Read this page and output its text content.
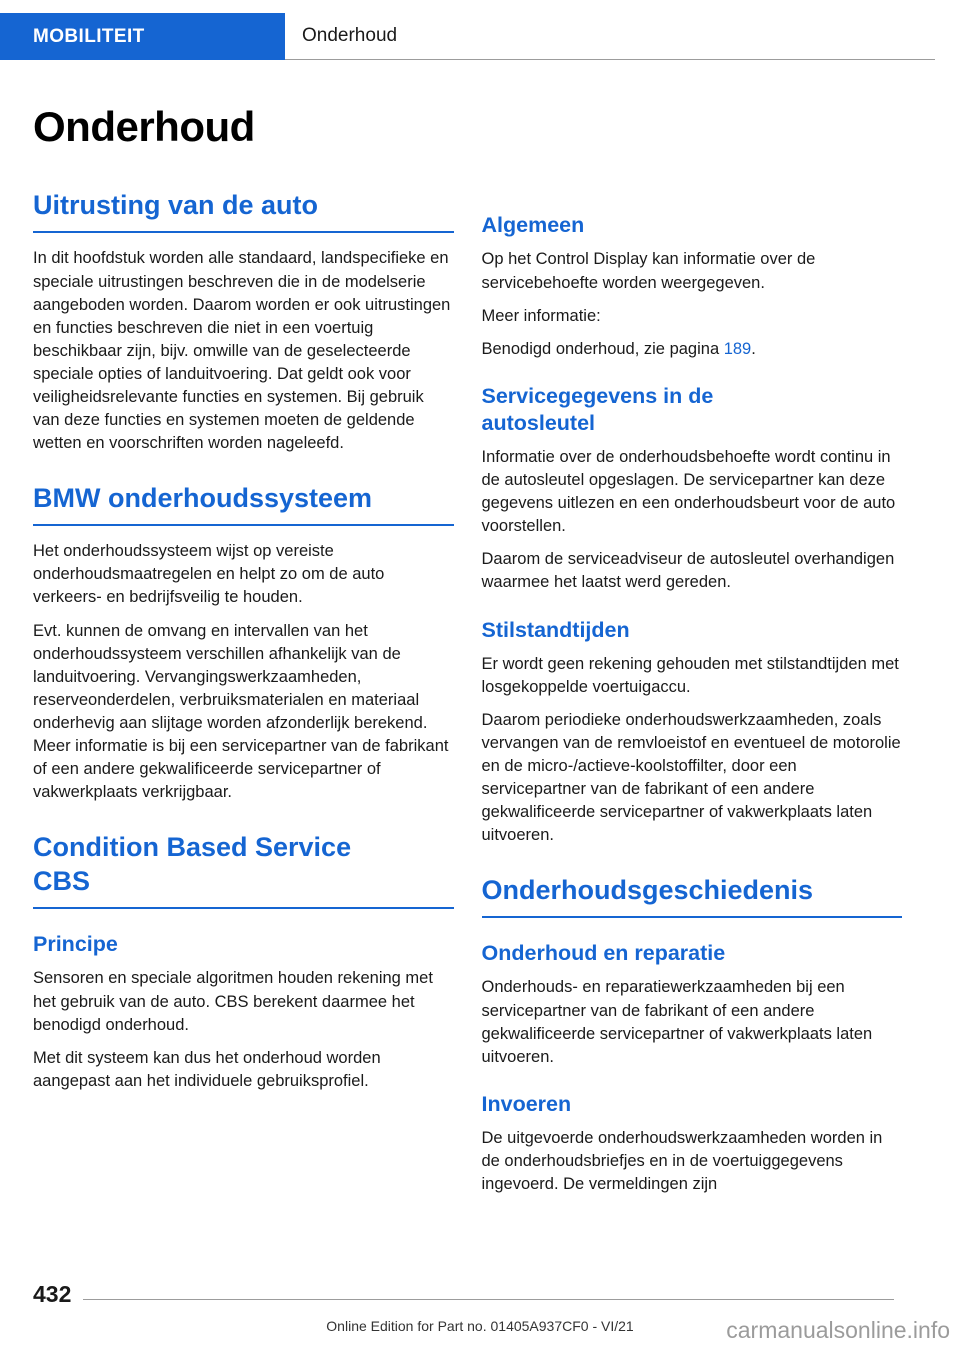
MOBILITEIT	Onderhoud
Onderhoud
Uitrusting van de auto

In dit hoofdstuk worden alle standaard, landspecifieke en speciale uitrustingen beschreven die in de modelserie aangeboden worden. Daarom worden er ook uitrustingen en functies beschreven die niet in een voertuig beschikbaar zijn, bijv. omwille van de geselecteerde speciale opties of landuitvoering. Dat geldt ook voor veiligheidsrelevante functies en systemen. Bij gebruik van deze functies en systemen moeten de geldende wetten en voorschriften worden nageleefd.

BMW onderhoudssysteem

Het onderhoudssysteem wijst op vereiste onderhoudsmaatregelen en helpt zo om de auto verkeers- en bedrijfsveilig te houden.

Evt. kunnen de omvang en intervallen van het onderhoudssysteem verschillen afhankelijk van de landuitvoering. Vervangingswerkzaamheden, reserveonderdelen, verbruiksmaterialen en materiaal onderhevig aan slijtage worden afzonderlijk berekend. Meer informatie is bij een servicepartner van de fabrikant of een andere gekwalificeerde servicepartner of vakwerkplaats verkrijgbaar.

Condition Based Service CBS
Principe

Sensoren en speciale algoritmen houden rekening met het gebruik van de auto. CBS berekent daarmee het benodigd onderhoud.

Met dit systeem kan dus het onderhoud worden aangepast aan het individuele gebruiksprofiel.

Algemeen

Op het Control Display kan informatie over de servicebehoefte worden weergegeven.

Meer informatie:

Benodigd onderhoud, zie pagina 189.

Servicegegevens in de autosleutel

Informatie over de onderhoudsbehoefte wordt continu in de autosleutel opgeslagen. De servicepartner kan deze gegevens uitlezen en een onderhoudsbeurt voor de auto voorstellen.

Daarom de serviceadviseur de autosleutel overhandigen waarmee het laatst werd gereden.

Stilstandtijden

Er wordt geen rekening gehouden met stilstandtijden met losgekoppelde voertuigaccu.

Daarom periodieke onderhoudswerkzaamheden, zoals vervangen van de remvloeistof en eventueel de motorolie en de micro-/actieve-koolstoffilter, door een servicepartner van de fabrikant of een andere gekwalificeerde servicepartner of vakwerkplaats laten uitvoeren.

Onderhoudsgeschiedenis
Onderhoud en reparatie

Onderhouds- en reparatiewerkzaamheden bij een servicepartner van de fabrikant of een andere gekwalificeerde servicepartner of vakwerkplaats laten uitvoeren.

Invoeren

De uitgevoerde onderhoudswerkzaamheden worden in de onderhoudsbriefjes en in de voertuiggegevens ingevoerd. De vermeldingen zijn

432
Online Edition for Part no. 01405A937CF0 - VI/21	carmanualsonline.info
